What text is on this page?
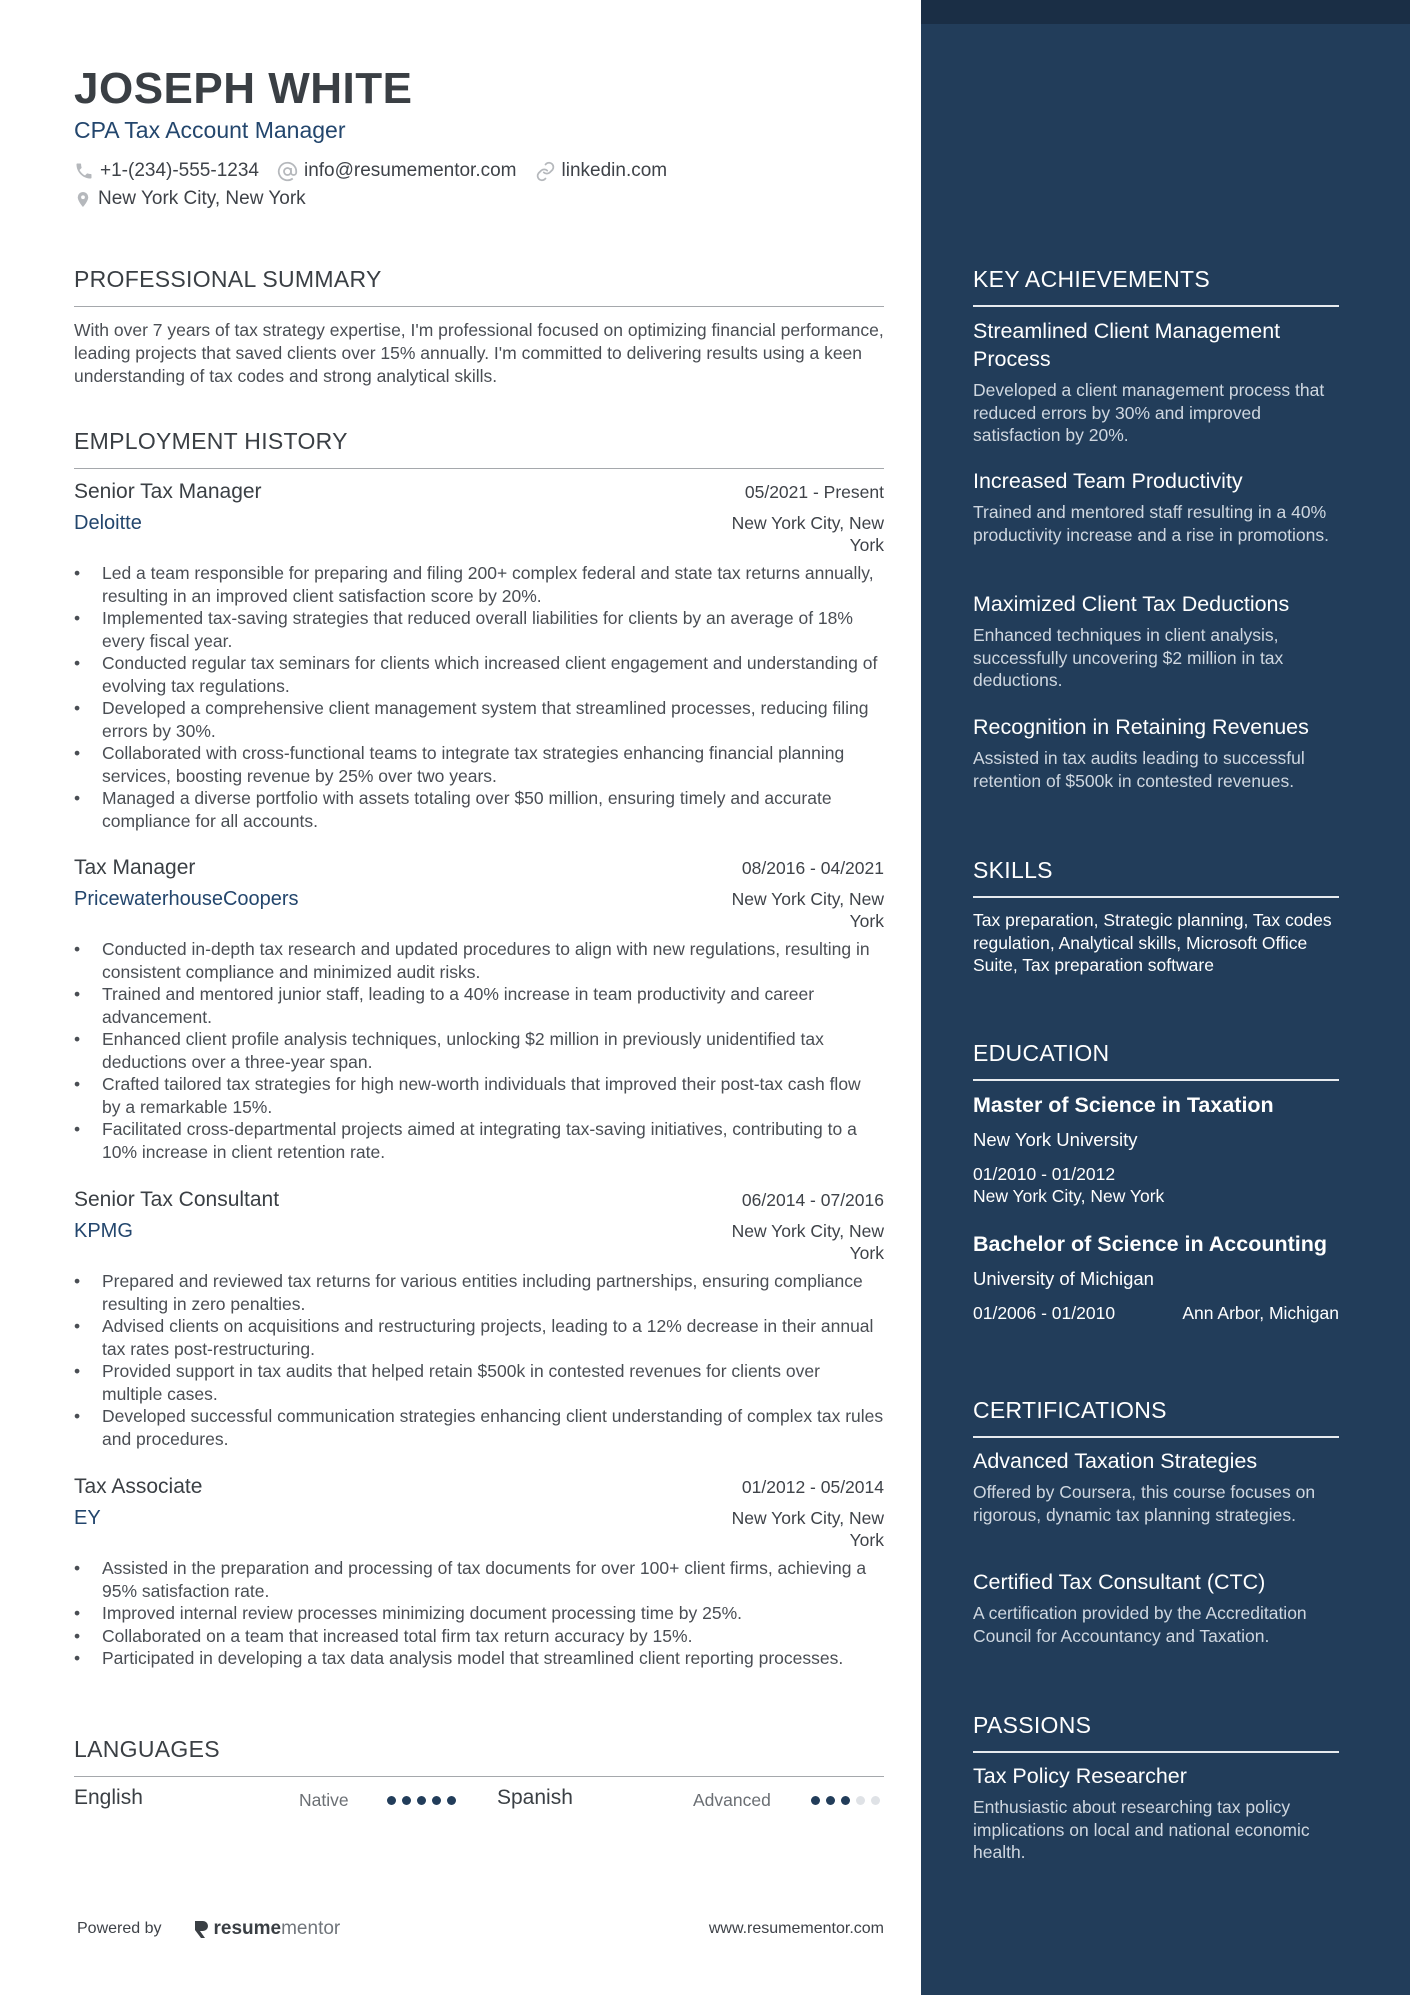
JOSEPH WHITE
CPA Tax Account Manager
+1-(234)-555-1234 info@resumementor.com linkedin.com
New York City, New York
PROFESSIONAL SUMMARY
With over 7 years of tax strategy expertise, I'm professional focused on optimizing financial performance, leading projects that saved clients over 15% annually. I'm committed to delivering results using a keen understanding of tax codes and strong analytical skills.
EMPLOYMENT HISTORY
Senior Tax Manager	05/2021 - Present
Deloitte	New York City, New York
• Led a team responsible for preparing and filing 200+ complex federal and state tax returns annually, resulting in an improved client satisfaction score by 20%.
• Implemented tax-saving strategies that reduced overall liabilities for clients by an average of 18% every fiscal year.
• Conducted regular tax seminars for clients which increased client engagement and understanding of evolving tax regulations.
• Developed a comprehensive client management system that streamlined processes, reducing filing errors by 30%.
• Collaborated with cross-functional teams to integrate tax strategies enhancing financial planning services, boosting revenue by 25% over two years.
• Managed a diverse portfolio with assets totaling over $50 million, ensuring timely and accurate compliance for all accounts.
Tax Manager	08/2016 - 04/2021
PricewaterhouseCoopers	New York City, New York
• Conducted in-depth tax research and updated procedures to align with new regulations, resulting in consistent compliance and minimized audit risks.
• Trained and mentored junior staff, leading to a 40% increase in team productivity and career advancement.
• Enhanced client profile analysis techniques, unlocking $2 million in previously unidentified tax deductions over a three-year span.
• Crafted tailored tax strategies for high new-worth individuals that improved their post-tax cash flow by a remarkable 15%.
• Facilitated cross-departmental projects aimed at integrating tax-saving initiatives, contributing to a 10% increase in client retention rate.
Senior Tax Consultant	06/2014 - 07/2016
KPMG	New York City, New York
• Prepared and reviewed tax returns for various entities including partnerships, ensuring compliance resulting in zero penalties.
• Advised clients on acquisitions and restructuring projects, leading to a 12% decrease in their annual tax rates post-restructuring.
• Provided support in tax audits that helped retain $500k in contested revenues for clients over multiple cases.
• Developed successful communication strategies enhancing client understanding of complex tax rules and procedures.
Tax Associate	01/2012 - 05/2014
EY	New York City, New York
• Assisted in the preparation and processing of tax documents for over 100+ client firms, achieving a 95% satisfaction rate.
• Improved internal review processes minimizing document processing time by 25%.
• Collaborated on a team that increased total firm tax return accuracy by 15%.
• Participated in developing a tax data analysis model that streamlined client reporting processes.
LANGUAGES
English	Native	Spanish	Advanced
Powered by	resume mentor	www.resumementor.com
KEY ACHIEVEMENTS
Streamlined Client Management Process
Developed a client management process that reduced errors by 30% and improved satisfaction by 20%.
Increased Team Productivity
Trained and mentored staff resulting in a 40% productivity increase and a rise in promotions.
Maximized Client Tax Deductions
Enhanced techniques in client analysis, successfully uncovering $2 million in tax deductions.
Recognition in Retaining Revenues
Assisted in tax audits leading to successful retention of $500k in contested revenues.
SKILLS
Tax preparation, Strategic planning, Tax codes regulation, Analytical skills, Microsoft Office Suite, Tax preparation software
EDUCATION
Master of Science in Taxation
New York University
01/2010 - 01/2012
New York City, New York
Bachelor of Science in Accounting
University of Michigan
01/2006 - 01/2010	Ann Arbor, Michigan
CERTIFICATIONS
Advanced Taxation Strategies
Offered by Coursera, this course focuses on rigorous, dynamic tax planning strategies.
Certified Tax Consultant (CTC)
A certification provided by the Accreditation Council for Accountancy and Taxation.
PASSIONS
Tax Policy Researcher
Enthusiastic about researching tax policy implications on local and national economic health.
